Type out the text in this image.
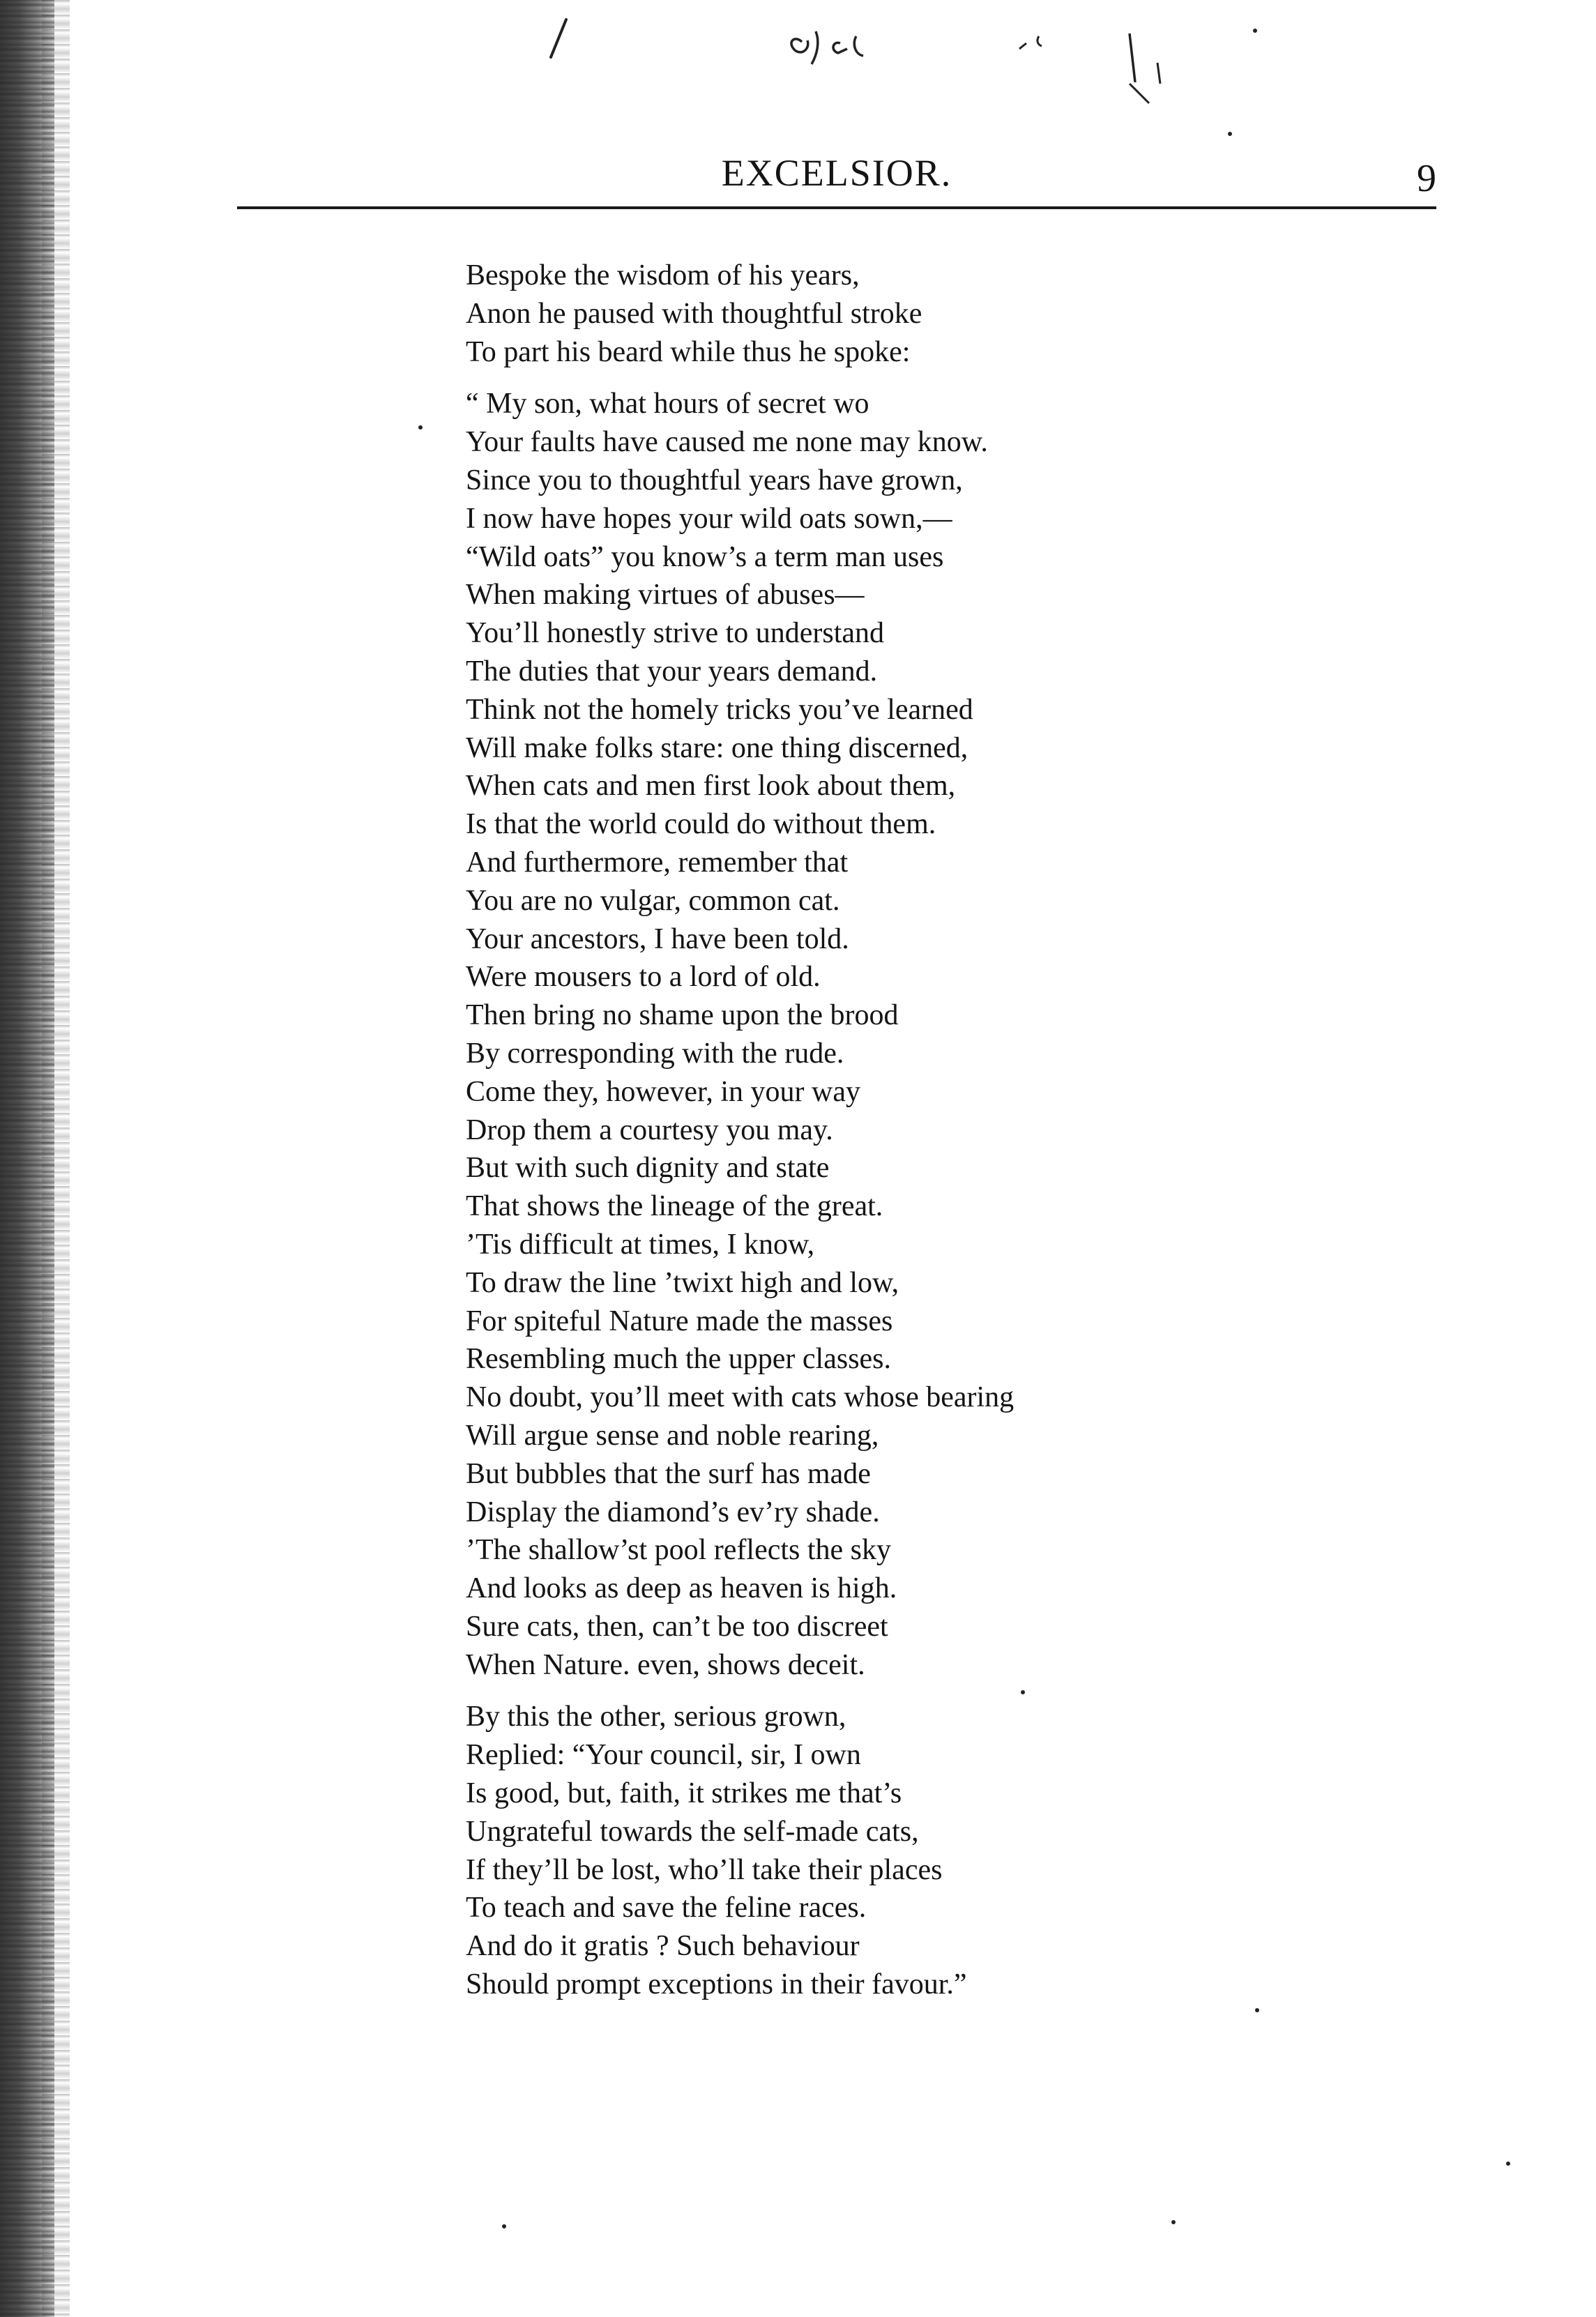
EXCELSIOR.	9
Bespoke the wisdom of his years,
Anon he paused with thoughtful stroke
To part his beard while thus he spoke:
“ My son, what hours of secret wo
Your faults have caused me none may know.
Since you to thoughtful years have grown,
I now have hopes your wild oats sown,—
“Wild oats” you know’s a term man uses
When making virtues of abuses—
You’ll honestly strive to understand
The duties that your years demand.
Think not the homely tricks you’ve learned
Will make folks stare: one thing discerned,
When cats and men first look about them,
Is that the world could do without them.
And furthermore, remember that
You are no vulgar, common cat.
Your ancestors, I have been told.
Were mousers to a lord of old.
Then bring no shame upon the brood
By corresponding with the rude.
Come they, however, in your way
Drop them a courtesy you may.
But with such dignity and state
That shows the lineage of the great.
’Tis difficult at times, I know,
To draw the line ’twixt high and low,
For spiteful Nature made the masses
Resembling much the upper classes.
No doubt, you’ll meet with cats whose bearing
Will argue sense and noble rearing,
But bubbles that the surf has made
Display the diamond’s ev’ry shade.
’The shallow’st pool reflects the sky
And looks as deep as heaven is high.
Sure cats, then, can’t be too discreet
When Nature. even, shows deceit.
By this the other, serious grown,
Replied: “Your council, sir, I own
Is good, but, faith, it strikes me that’s
Ungrateful towards the self-made cats,
If they’ll be lost, who’ll take their places
To teach and save the feline races.
And do it gratis ? Such behaviour
Should prompt exceptions in their favour.”
